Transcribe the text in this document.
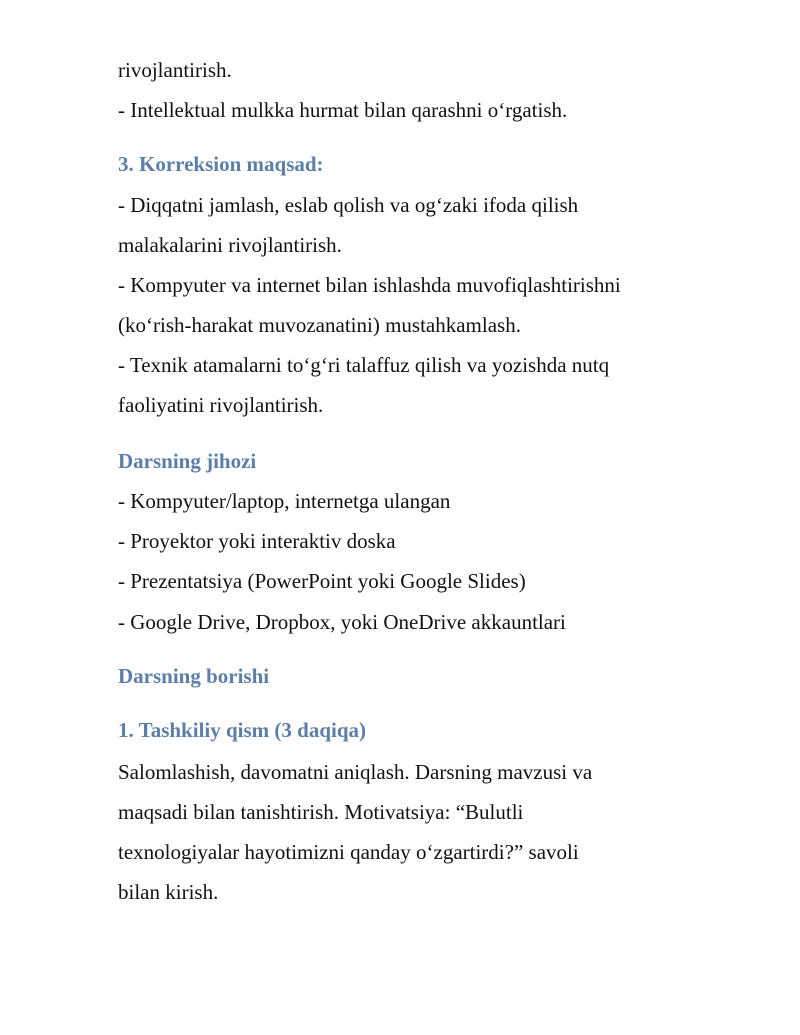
rivojlantirish.
- Intellektual mulkka hurmat bilan qarashni o‘rgatish.
3. Korreksion maqsad:
- Diqqatni jamlash, eslab qolish va og‘zaki ifoda qilish
malakalarini rivojlantirish.
- Kompyuter va internet bilan ishlashda muvofiqlashtirishni
(ko‘rish-harakat muvozanatini) mustahkamlash.
- Texnik atamalarni to‘g‘ri talaffuz qilish va yozishda nutq
faoliyatini rivojlantirish.
Darsning jihozi
- Kompyuter/laptop, internetga ulangan
- Proyektor yoki interaktiv doska
- Prezentatsiya (PowerPoint yoki Google Slides)
- Google Drive, Dropbox, yoki OneDrive akkauntlari
Darsning borishi
1. Tashkiliy qism (3 daqiqa)
Salomlashish, davomatni aniqlash. Darsning mavzusi va
maqsadi bilan tanishtirish. Motivatsiya: “Bulutli
texnologiyalar hayotimizni qanday o‘zgartirdi?” savoli
bilan kirish.
